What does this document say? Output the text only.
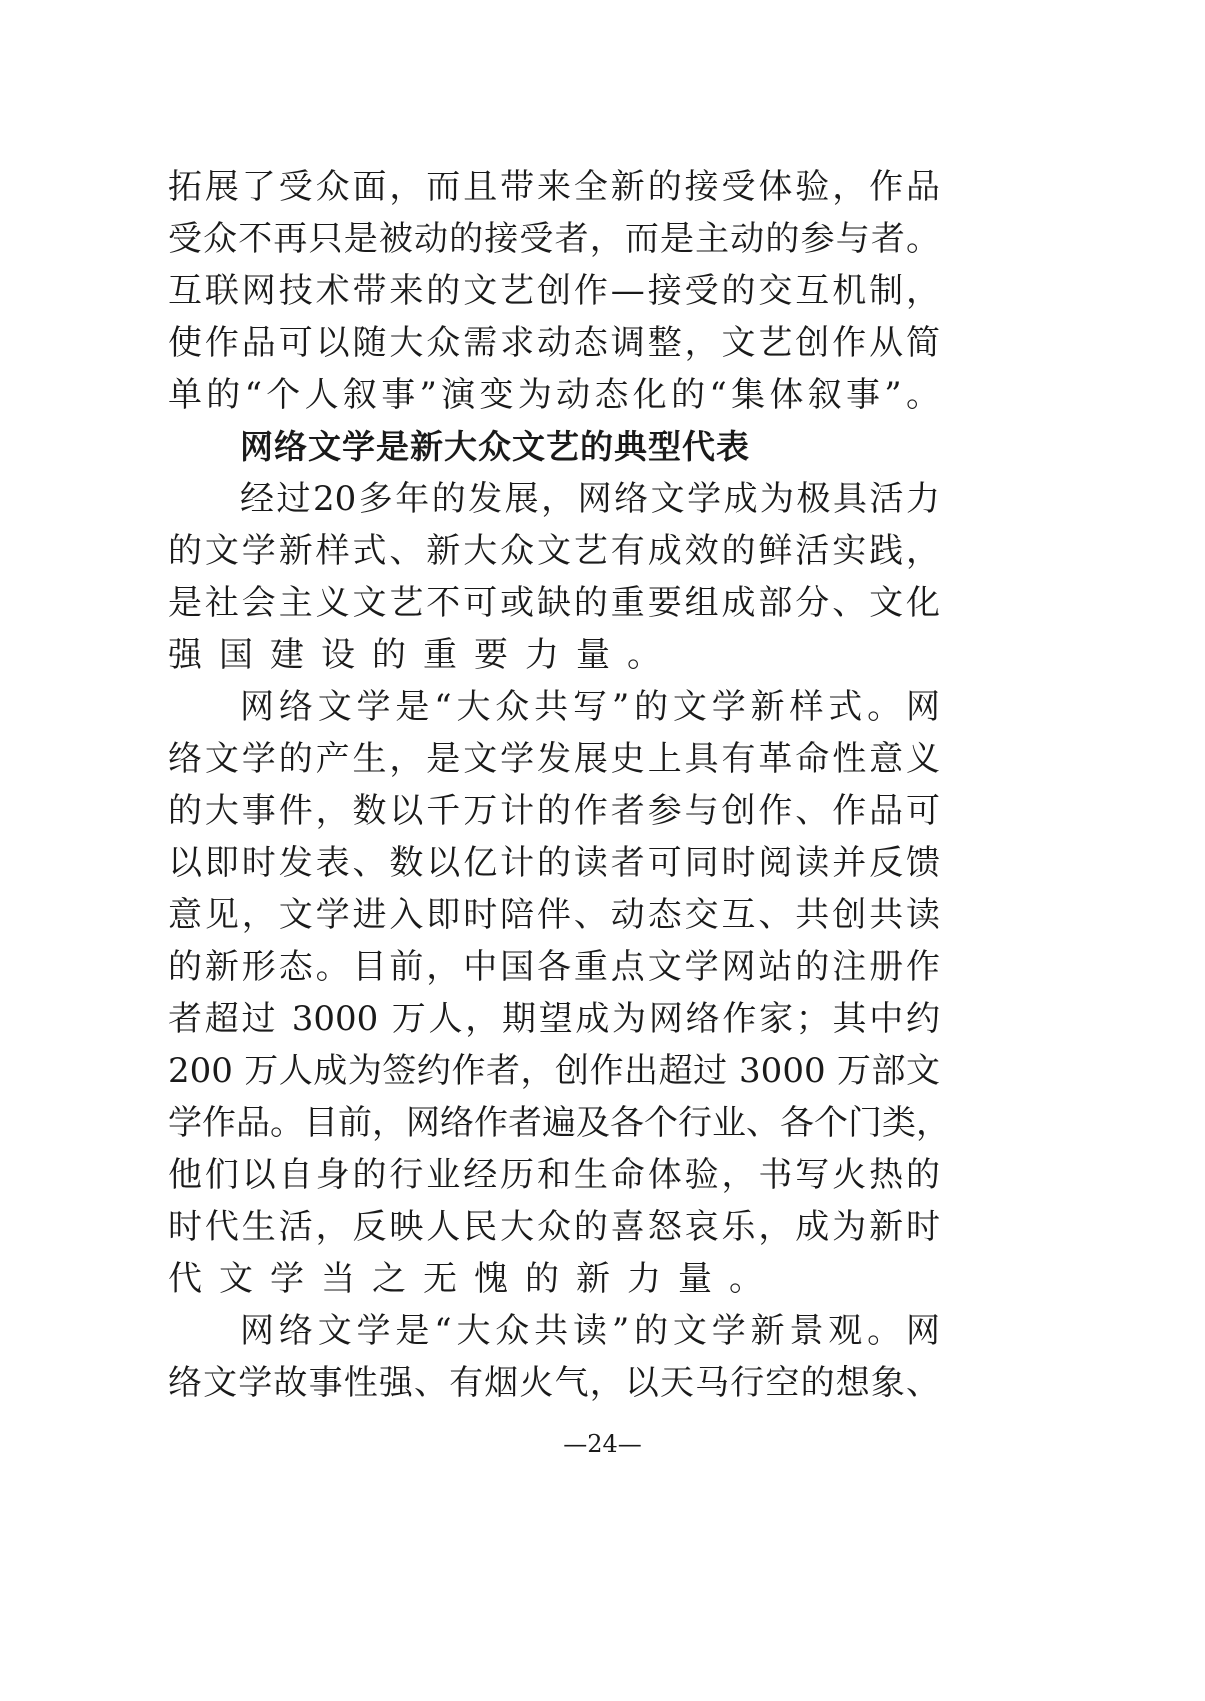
拓展了受众面，而且带来全新的接受体验，作品
受众不再只是被动的接受者，而是主动的参与者。
互联网技术带来的文艺创作—接受的交互机制，
使作品可以随大众需求动态调整，文艺创作从简
单的“个人叙事”演变为动态化的“集体叙事”。
网络文学是新大众文艺的典型代表
经过20多年的发展，网络文学成为极具活力
的文学新样式、新大众文艺有成效的鲜活实践，
是社会主义文艺不可或缺的重要组成部分、文化
强国建设的重要力量。
网络文学是“大众共写”的文学新样式。网
络文学的产生，是文学发展史上具有革命性意义
的大事件，数以千万计的作者参与创作、作品可
以即时发表、数以亿计的读者可同时阅读并反馈
意见，文学进入即时陪伴、动态交互、共创共读
的新形态。目前，中国各重点文学网站的注册作
者超过 3000 万人，期望成为网络作家；其中约
200 万人成为签约作者，创作出超过 3000 万部文
学作品。目前，网络作者遍及各个行业、各个门类，
他们以自身的行业经历和生命体验，书写火热的
时代生活，反映人民大众的喜怒哀乐，成为新时
代文学当之无愧的新力量。
网络文学是“大众共读”的文学新景观。网
络文学故事性强、有烟火气，以天马行空的想象、
—24—
